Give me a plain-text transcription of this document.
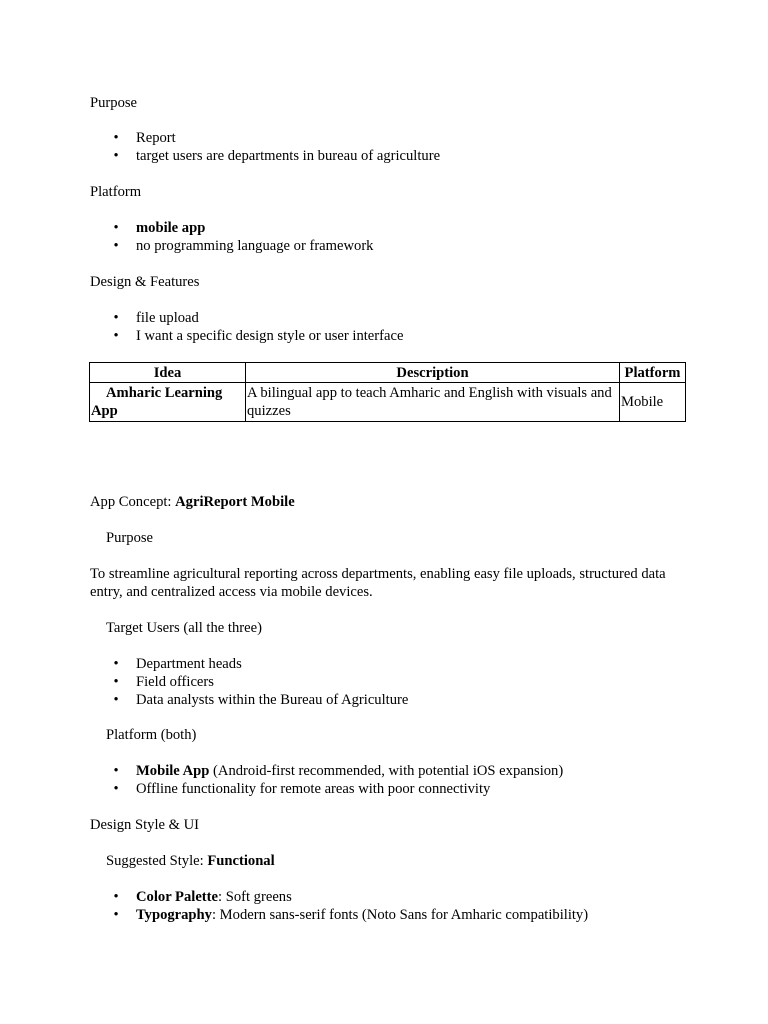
Purpose
• Report
• target users are departments in bureau of agriculture
Platform
• mobile app
• no programming language or framework
Design & Features
• file upload
• I want a specific design style or user interface
Idea	Description	Platform
Amharic Learning App	A bilingual app to teach Amharic and English with visuals and quizzes	Mobile
App Concept: AgriReport Mobile
Purpose
To streamline agricultural reporting across departments, enabling easy file uploads, structured data entry, and centralized access via mobile devices.
Target Users (all the three)
• Department heads
• Field officers
• Data analysts within the Bureau of Agriculture
Platform (both)
• Mobile App (Android-first recommended, with potential iOS expansion)
• Offline functionality for remote areas with poor connectivity
Design Style & UI
Suggested Style: Functional
• Color Palette: Soft greens
• Typography: Modern sans-serif fonts (Noto Sans for Amharic compatibility)
